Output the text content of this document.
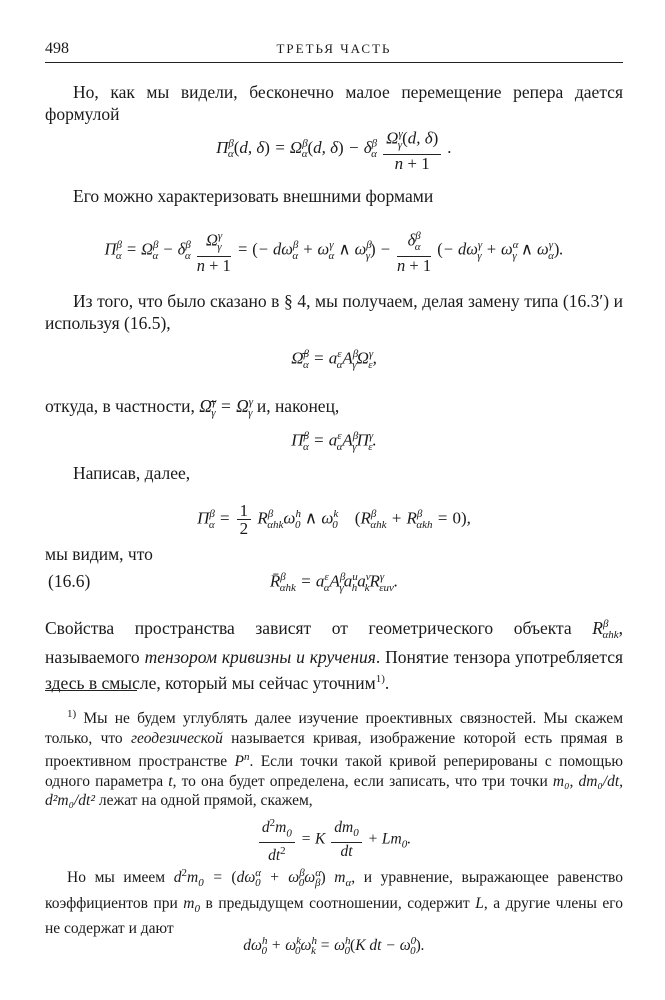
498	ТРЕТЬЯ ЧАСТЬ
Но, как мы видели, бесконечно малое перемещение репера дается формулой
$\Pi^\beta_\alpha(d$, $\delta) = \Omega^\beta_\alpha(d$, $\delta) - \delta^\beta_\alpha \frac{\Omega^\gamma_\gamma(d, \delta)}{n + 1}$ .
Его можно характеризовать внешними формами
$\Pi^\beta_\alpha = \Omega^\beta_\alpha - \delta^\beta_\alpha \frac{\Omega^\gamma_\gamma}{n + 1}$ = (− $d\omega^\beta_\alpha + \omega^\gamma_\alpha$ ∧ $\omega^\beta_\gamma) - \frac{\delta^\beta_\alpha}{n + 1}$ (− $d\omega^\gamma_\gamma + \omega^\alpha_\gamma$ ∧ $\omega^\gamma_\alpha$).
Из того, что было сказано в § 4, мы получаем, делая замену типа (16.3′) и используя (16.5),
Ω̄$^\beta_\alpha$ = $a^\varepsilon_\alpha A^\beta_\gamma\Omega^\gamma_\varepsilon$,
откуда, в частности, Ω̄$^\gamma_\gamma$ = $\Omega^\gamma_\gamma$ и, наконец,
Π̄$^\beta_\alpha$ = $a^\varepsilon_\alpha A^\beta_\gamma\Pi^\gamma_\varepsilon$.
Написав, далее,
$\Pi^\beta_\alpha = \frac{1}{2} R^\beta_{\alpha hk}\omega^h_0$ ∧ $\omega^k_0$ $(R^\beta_{\alpha hk} + R^\beta_{\alpha kh} = 0)$,
мы видим, что
(16.6)	R̄$^\beta_{\alpha hk}$ = $a^\varepsilon_\alpha A^\beta_\gamma a^u_ha^v_kR^\gamma_{\varepsilon uv}$.
Свойства пространства зависят от геометрического объекта $R^\beta_{\alpha hk}$, называемого тензором кривизны и кручения. Понятие тензора употребляется здесь в смысле, который мы сейчас уточним$^{1)}$.
$^{1)}$ Мы не будем углублять далее изучение проективных связностей. Мы скажем только, что геодезической называется кривая, изображение которой есть прямая в проективном пространстве $P^n$. Если точки такой кривой реперированы с помощью одного параметра t, то она будет определена, если записать, что три точки m₀, dm₀/dt, d²m₀/dt² лежат на одной прямой, скажем,
$\frac{d^2m_0}{dt^2} = K \frac{dm_0}{dt} + Lm_0$.
Но мы имеем $d^2m_0 = (d\omega^\alpha_0 + \omega^\beta_0\omega^\alpha_\beta)$ $m_\alpha$, и уравнение, выражающее равенство коэффициентов при $m_0$ в предыдущем соотношении, содержит L, а другие члены его не содержат и дают
$d\omega^h_0 + \omega^k_0\omega^h_k = \omega^h_0(K$ dt − $\omega^0_0$).
